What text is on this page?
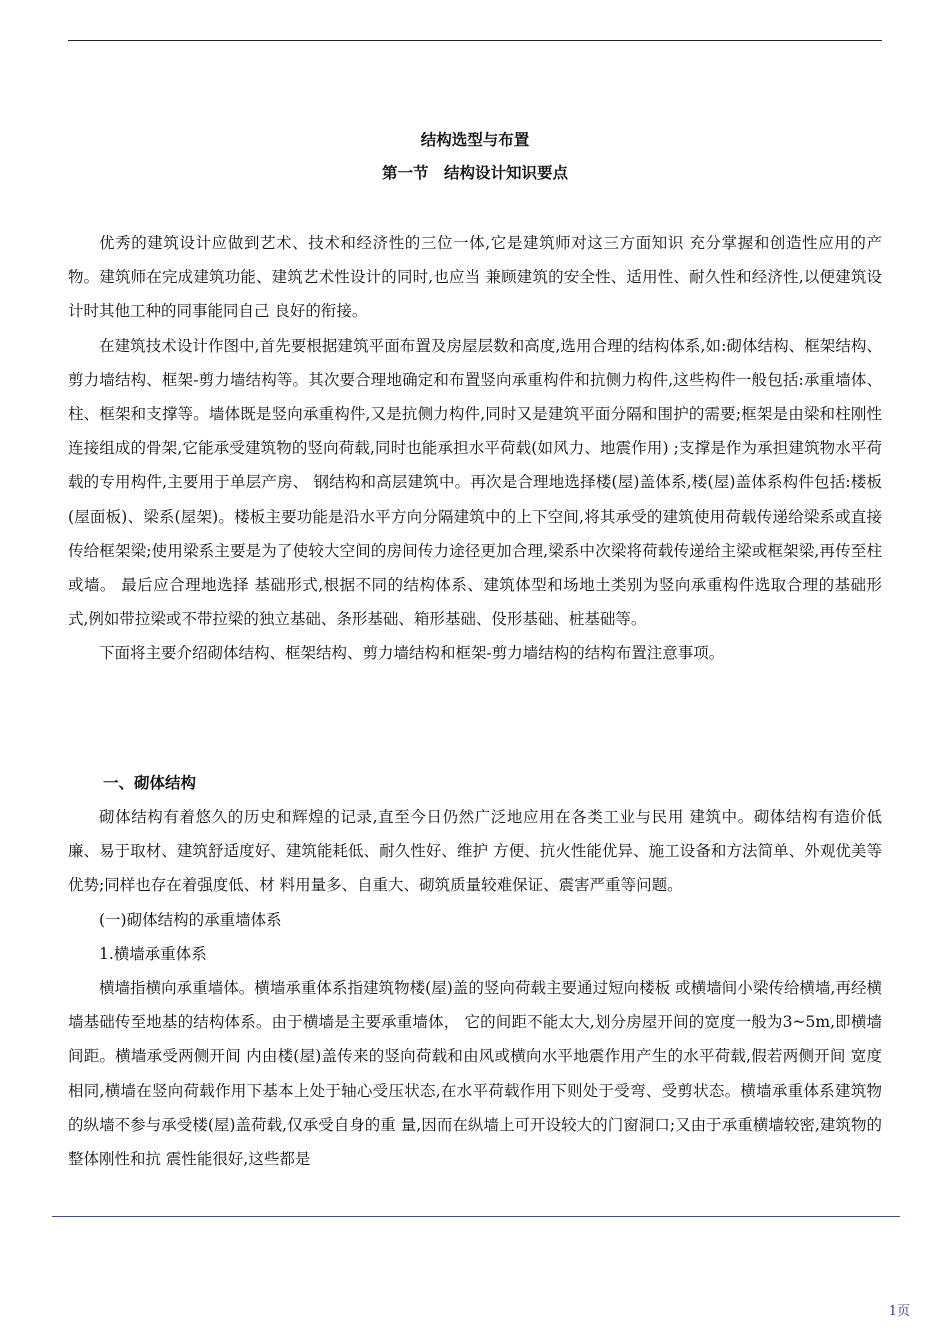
结构选型与布置
第一节　结构设计知识要点

优秀的建筑设计应做到艺术、技术和经济性的三位一体,它是建筑师对这三方面知识 充分掌握和创造性应用的产物。建筑师在完成建筑功能、建筑艺术性设计的同时,也应当 兼顾建筑的安全性、适用性、耐久性和经济性,以便建筑设计时其他工种的同事能同自己 良好的衔接。

在建筑技术设计作图中,首先要根据建筑平面布置及房屋层数和高度,选用合理的结构体系,如:砌体结构、框架结构、剪力墙结构、框架-剪力墙结构等。其次要合理地确定和布置竖向承重构件和抗侧力构件,这些构件一般包括:承重墙体、柱、框架和支撑等。墙体既是竖向承重构件,又是抗侧力构件,同时又是建筑平面分隔和围护的需要;框架是由梁和柱刚性连接组成的骨架,它能承受建筑物的竖向荷载,同时也能承担水平荷载(如风力、地震作用) ;支撑是作为承担建筑物水平荷载的专用构件,主要用于单层产房、 钢结构和高层建筑中。再次是合理地选择楼(屋)盖体系,楼(屋)盖体系构件包括:楼板(屋面板)、梁系(屋架)。楼板主要功能是沿水平方向分隔建筑中的上下空间,将其承受的建筑使用荷载传递给梁系或直接传给框架梁;使用梁系主要是为了使较大空间的房间传力途径更加合理,梁系中次梁将荷载传递给主梁或框架梁,再传至柱或墙。 最后应合理地选择 基础形式,根据不同的结构体系、建筑体型和场地土类别为竖向承重构件选取合理的基础形　式,例如带拉梁或不带拉梁的独立基础、条形基础、箱形基础、伇形基础、桩基础等。

下面将主要介绍砌体结构、框架结构、剪力墙结构和框架-剪力墙结构的结构布置注意事项。

一、砌体结构

砌体结构有着悠久的历史和辉煌的记录,直至今日仍然广泛地应用在各类工业与民用 建筑中。砌体结构有造价低廉、易于取材、建筑舒适度好、建筑能耗低、耐久性好、维护 方便、抗火性能优异、施工设备和方法简单、外观优美等优势;同样也存在着强度低、材 料用量多、自重大、砌筑质量较难保证、震害严重等问题。

(一)砌体结构的承重墙体系

1.横墙承重体系

横墙指横向承重墙体。横墙承重体系指建筑物楼(屋)盖的竖向荷载主要通过短向楼板 或横墙间小梁传给横墙,再经横墙基础传至地基的结构体系。由于横墙是主要承重墙体， 它的间距不能太大,划分房屋开间的宽度一般为3~5m,即横墙间距。横墙承受两侧开间 内由楼(屋)盖传来的竖向荷载和由风或横向水平地震作用产生的水平荷载,假若两侧开间 宽度相同,横墙在竖向荷载作用下基本上处于轴心受压状态,在水平荷载作用下则处于受弯、受剪状态。横墙承重体系建筑物的纵墙不参与承受楼(屋)盖荷载,仅承受自身的重 量,因而在纵墙上可开设较大的门窗洞口;又由于承重横墙较密,建筑物的整体刚性和抗 震性能很好,这些都是

1页
